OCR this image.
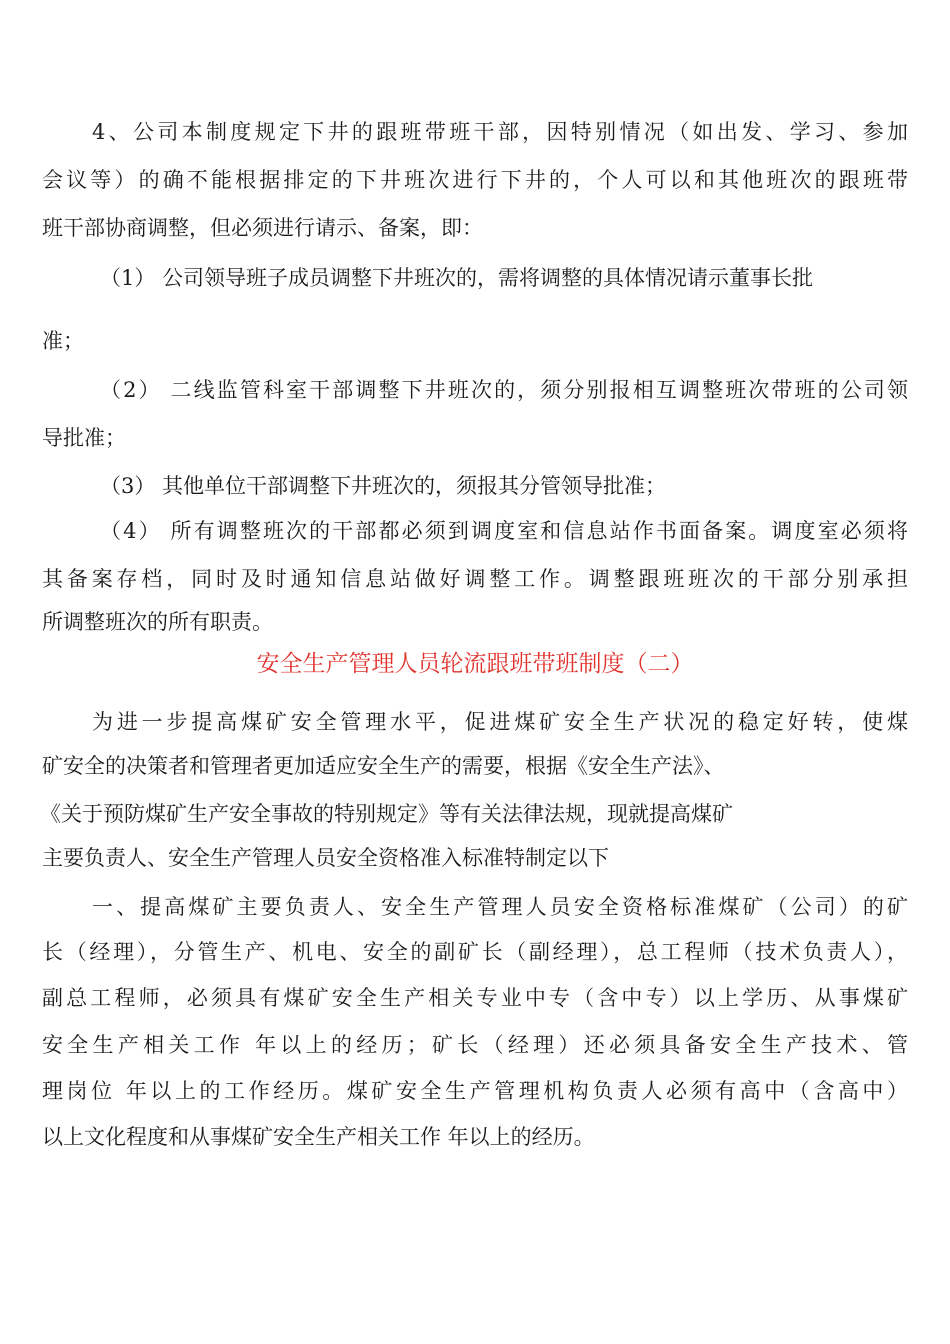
4、公司本制度规定下井的跟班带班干部，因特别情况（如出发、学习、参加

会议等）的确不能根据排定的下井班次进行下井的，个人可以和其他班次的跟班带

班干部协商调整，但必须进行请示、备案，即：

（1） 公司领导班子成员调整下井班次的，需将调整的具体情况请示董事长批

准；

（2） 二线监管科室干部调整下井班次的，须分别报相互调整班次带班的公司领

导批准；

（3） 其他单位干部调整下井班次的，须报其分管领导批准；

（4） 所有调整班次的干部都必须到调度室和信息站作书面备案。调度室必须将

其备案存档，同时及时通知信息站做好调整工作。调整跟班班次的干部分别承担

所调整班次的所有职责。

安全生产管理人员轮流跟班带班制度（二）

为进一步提高煤矿安全管理水平，促进煤矿安全生产状况的稳定好转，使煤

矿安全的决策者和管理者更加适应安全生产的需要，根据《安全生产法》、

《关于预防煤矿生产安全事故的特别规定》等有关法律法规，现就提高煤矿

主要负责人、安全生产管理人员安全资格准入标准特制定以下

一、提高煤矿主要负责人、安全生产管理人员安全资格标准煤矿（公司）的矿

长（经理），分管生产、机电、安全的副矿长（副经理），总工程师（技术负责人），

副总工程师，必须具有煤矿安全生产相关专业中专（含中专）以上学历、从事煤矿

安全生产相关工作 年以上的经历；矿长（经理）还必须具备安全生产技术、管

理岗位 年以上的工作经历。煤矿安全生产管理机构负责人必须有高中（含高中）

以上文化程度和从事煤矿安全生产相关工作 年以上的经历。
